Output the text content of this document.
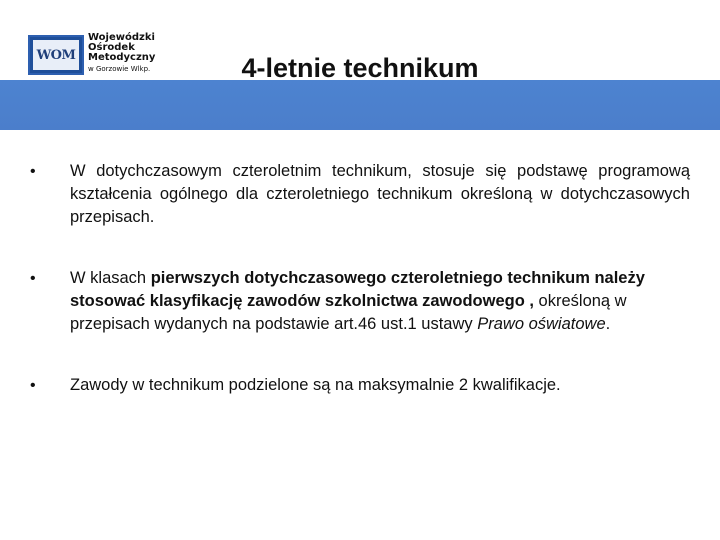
WOM
Wojewódzki
Ośrodek
Metodyczny
w Gorzowie Wlkp.	4-letnie technikum
• W dotychczasowym czteroletnim technikum, stosuje się podstawę programową kształcenia ogólnego dla czteroletniego technikum określoną w dotychczasowych przepisach.
• W klasach pierwszych dotychczasowego czteroletniego technikum należy stosować klasyfikację zawodów szkolnictwa zawodowego , określoną w przepisach wydanych na podstawie art.46 ust.1 ustawy Prawo oświatowe.
• Zawody w technikum podzielone są na maksymalnie 2 kwalifikacje.
